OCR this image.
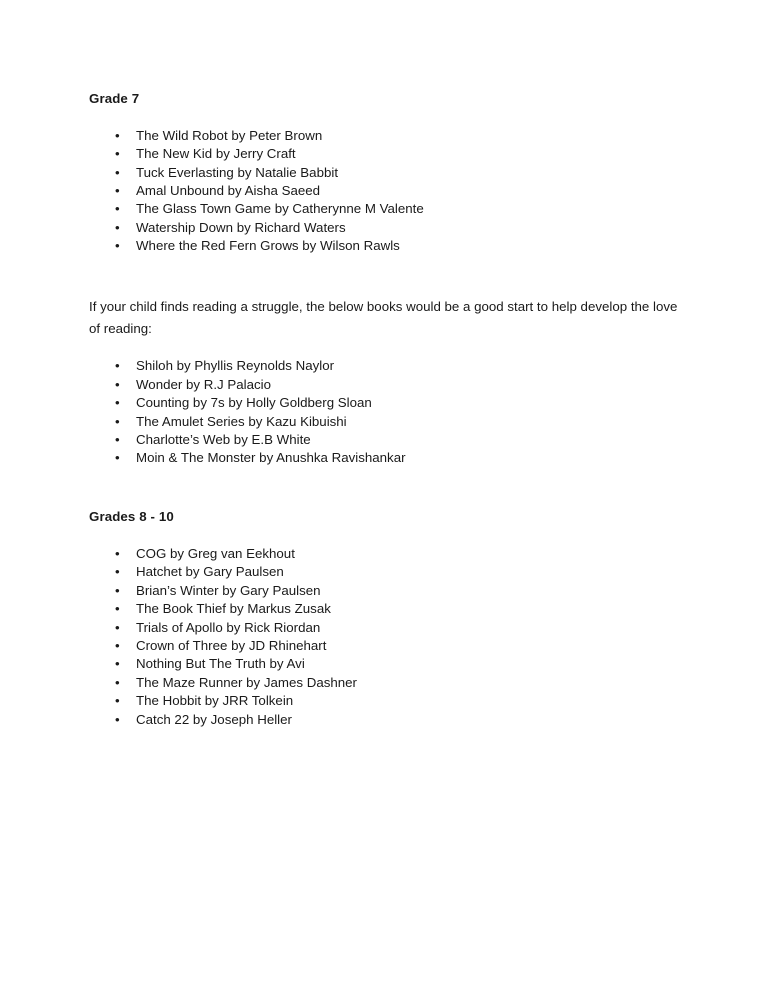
Grade 7

• The Wild Robot by Peter Brown
• The New Kid by Jerry Craft
• Tuck Everlasting by Natalie Babbit
• Amal Unbound by Aisha Saeed
• The Glass Town Game by Catherynne M Valente
• Watership Down by Richard Waters
• Where the Red Fern Grows by Wilson Rawls

If your child finds reading a struggle, the below books would be a good start to help develop the love of reading:

• Shiloh by Phyllis Reynolds Naylor
• Wonder by R.J Palacio
• Counting by 7s by Holly Goldberg Sloan
• The Amulet Series by Kazu Kibuishi
• Charlotte’s Web by E.B White
• Moin & The Monster by Anushka Ravishankar

Grades 8 - 10

• COG by Greg van Eekhout
• Hatchet by Gary Paulsen
• Brian’s Winter by Gary Paulsen
• The Book Thief by Markus Zusak
• Trials of Apollo by Rick Riordan
• Crown of Three by JD Rhinehart
• Nothing But The Truth by Avi
• The Maze Runner by James Dashner
• The Hobbit by JRR Tolkein
• Catch 22 by Joseph Heller
